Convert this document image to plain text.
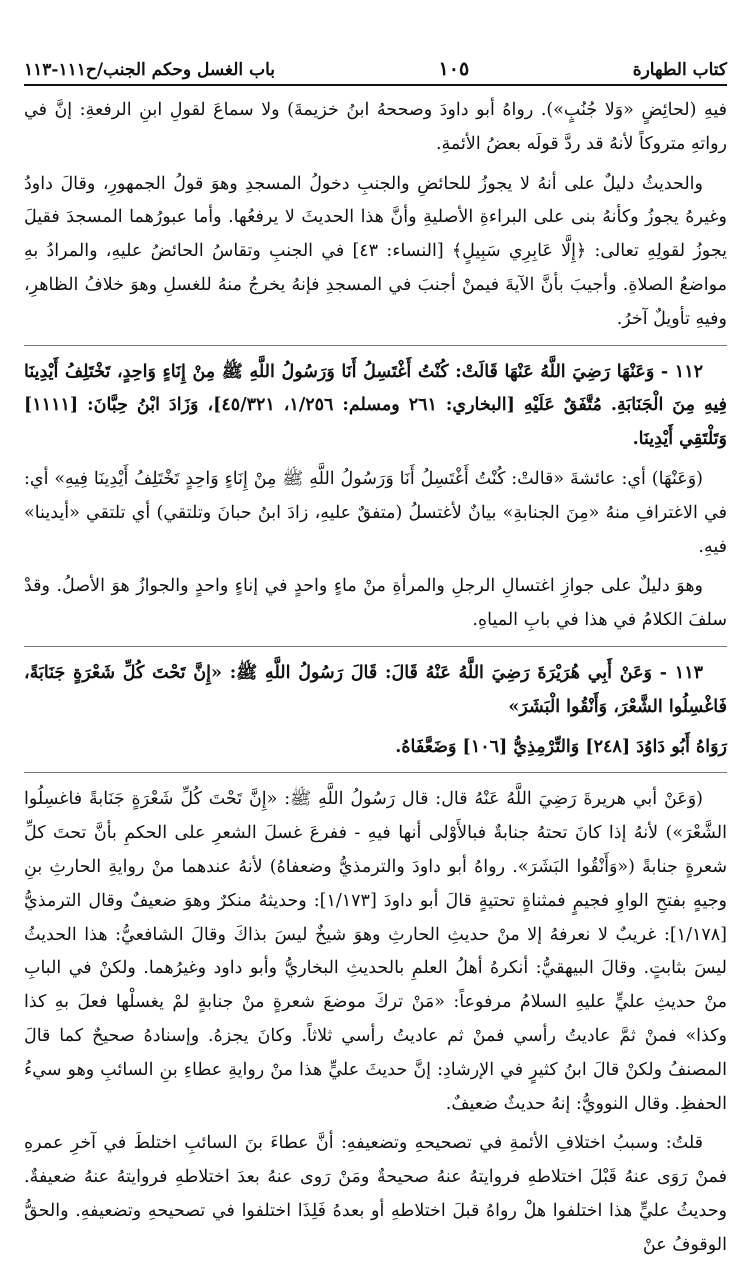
باب الغسل وحكم الجنب/ح١١١-١١٣	١٠٥	كتاب الطهارة

فيهِ (لحائِضٍ «وَلا جُنُبٍ»). رواهُ أبو داودَ وصححهُ ابنُ خزيمةَ) ولا سماعَ لقولِ ابنِ الرفعةِ: إنَّ في رواتهِ متروكاً لأنهُ قد ردَّ قولَه بعضُ الأئمةِ.

والحديثُ دليلٌ على أنهُ لا يجوزُ للحائضِ والجنبِ دخولُ المسجدِ وهوَ قولُ الجمهورِ، وقالَ داودُ وغيرهُ يجوزُ وكأنهُ بنى على البراءةِ الأصليةِ وأنَّ هذا الحديثَ لا يرفعُها. وأما عبورُهما المسجدَ فقيلَ يجوزُ لقولِهِ تعالى: ﴿إِلَّا عَابِرِي سَبِيلٍ﴾ [النساء: ٤٣] في الجنبِ وتقاسُ الحائضُ عليهِ، والمرادُ بهِ مواضعُ الصلاةِ. وأجيبَ بأنَّ الآيةَ فيمنْ أجنبَ في المسجدِ فإنهُ يخرجُ منهُ للغسلِ وهوَ خلافُ الظاهرِ، وفيهِ تأويلٌ آخرُ.

١١٢ - وَعَنْهَا رَضِيَ اللَّهُ عَنْهَا قَالَتْ: كُنْتُ أَغْتَسِلُ أَنَا وَرَسُولُ اللَّهِ ﷺ مِنْ إِنَاءٍ وَاحِدٍ، تَخْتَلِفُ أَيْدِينَا فِيهِ مِنَ الْجَنَابَةِ. مُتَّفَقٌ عَلَيْهِ [البخاري: ٢٦١ ومسلم: ١/٢٥٦، ٤٥/٣٢١]، وَزَادَ ابْنُ حِبَّانَ: [١١١١] وَتَلْتَقِي أَيْدِينَا.

(وَعَنْهَا) أي: عائشةَ «قالتْ: كُنْتُ أَغْتَسِلُ أَنَا وَرَسُولُ اللَّهِ ﷺ مِنْ إِنَاءٍ وَاحِدٍ تَخْتَلِفُ أَيْدِينَا فِيهِ» أي: في الاغترافِ منهُ «مِنَ الجنابةِ» بيانٌ لأغتسلُ (متفقٌ عليهِ، زادَ ابنُ حبانَ وتلتقي) أي تلتقي «أيدينا» فيهِ.

وهوَ دليلٌ على جوازِ اغتسالِ الرجلِ والمرأةِ منْ ماءٍ واحدٍ في إناءٍ واحدٍ والجوازُ هوَ الأصلُ. وقدْ سلفَ الكلامُ في هذا في بابِ المياهِ.

١١٣ - وَعَنْ أَبِي هُرَيْرَةَ رَضِيَ اللَّهُ عَنْهُ قَالَ: قَالَ رَسُولُ اللَّهِ ﷺ: «إِنَّ تَحْتَ كُلِّ شَعْرَةٍ جَنَابَةً، فَاغْسِلُوا الشَّعْرَ، وَأَنْقُوا الْبَشَرَ»

رَوَاهُ أَبُو دَاوُدَ [٢٤٨] وَالتِّرْمِذِيُّ [١٠٦] وَضَعَّفَاهُ.

(وَعَنْ أبي هريرةَ رَضِيَ اللَّهُ عَنْهُ قال: قال رَسُولُ اللَّهِ ﷺ: «إِنَّ تَحْتَ كُلِّ شَعْرَةٍ جَنَابةً فاغسِلُوا الشَّعْرَ») لأنهُ إذا كانَ تحتهُ جنابةٌ فبالأَوْلى أنها فيهِ - ففرعَ غسلَ الشعرِ على الحكمِ بأنَّ تحتَ كلِّ شعرةٍ جنابةً («وَأَنْقُوا البَشَرَ». رواهُ أبو داودَ والترمذيُّ وضعفاهُ) لأنهُ عندهما منْ روايةِ الحارثِ بنِ وجيهٍ بفتحِ الواوِ فجيمٍ فمثناةٍ تحتيةٍ قالَ أبو داودَ [١/١٧٣]: وحديثهُ منكرٌ وهوَ ضعيفٌ وقال الترمذيُّ [١/١٧٨]: غريبٌ لا نعرفهُ إلا منْ حديثِ الحارثِ وهوَ شيخٌ ليسَ بذاكَ وقالَ الشافعيُّ: هذا الحديثُ ليسَ بثابتٍ. وقالَ البيهقيُّ: أنكرهُ أهلُ العلمِ بالحديثِ البخاريُّ وأبو داود وغيرُهما. ولكنْ في البابِ منْ حديثِ عليٍّ عليهِ السلامُ مرفوعاً: «مَنْ تركَ موضعَ شعرةٍ منْ جنابةٍ لمْ يغسلْها فعلَ بهِ كذا وكذا» فمنْ ثمَّ عاديتُ رأسي فمنْ ثم عاديتُ رأسي ثلاثاً. وكانَ يجزهُ. وإسنادهُ صحيحٌ كما قالَ المصنفُ ولكنْ قالَ ابنُ كثيرٍ في الإرشادِ: إنَّ حديثَ عليٍّ هذا منْ روايةِ عطاءِ بنِ السائبِ وهو سيءُ الحفظِ. وقال النوويُّ: إنهُ حديثٌ ضعيفٌ.

قلتُ: وسببُ اختلافِ الأئمةِ في تصحيحهِ وتضعيفهِ: أنَّ عطاءَ بنَ السائبِ اختلطَ في آخرِ عمرهِ فمنْ رَوَى عنهُ قَبْلَ اختلاطهِ فروايتهُ عنهُ صحيحةٌ ومَنْ رَوى عنهُ بعدَ اختلاطهِ فروايتهُ عنهُ ضعيفةٌ. وحديثُ عليٍّ هذا اختلفوا هلْ رواهُ قبلَ اختلاطهِ أو بعدهُ فَلِذَا اختلفوا في تصحيحهِ وتضعيفهِ. والحقُّ الوقوفُ عنْ
